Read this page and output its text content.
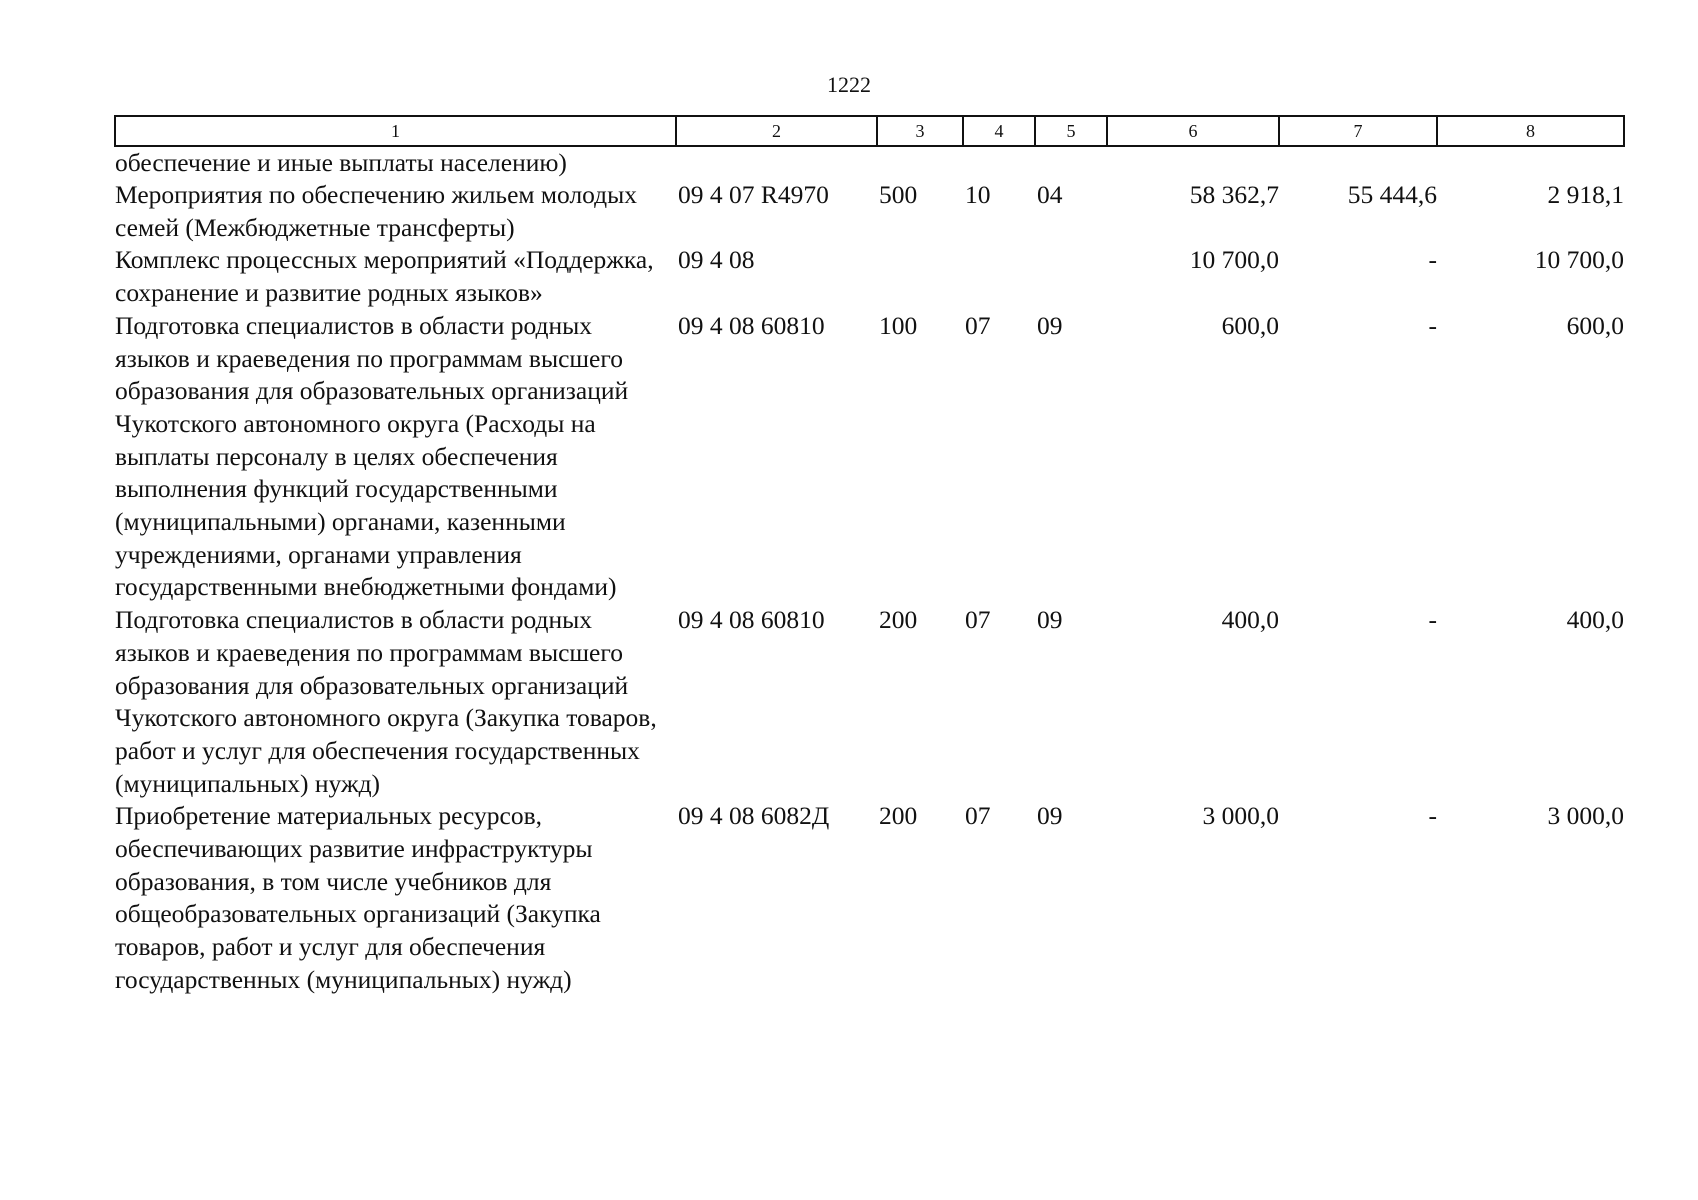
1222
1	2	3	4	5	6	7	8
обеспечение и иные выплаты населению)							
Мероприятия по обеспечению жильем молодых семей (Межбюджетные трансферты)	09 4 07 R4970	500	10	04	58 362,7	55 444,6	2 918,1
Комплекс процессных мероприятий «Поддержка, сохранение и развитие родных языков»	09 4 08				10 700,0	-	10 700,0
Подготовка специалистов в области родных языков и краеведения по программам высшего образования для образовательных организаций Чукотского автономного округа (Расходы на выплаты персоналу в целях обеспечения выполнения функций государственными (муниципальными) органами, казенными учреждениями, органами управления государственными внебюджетными фондами)	09 4 08 60810	100	07	09	600,0	-	600,0
Подготовка специалистов в области родных языков и краеведения по программам высшего образования для образовательных организаций Чукотского автономного округа (Закупка товаров, работ и услуг для обеспечения государственных (муниципальных) нужд)	09 4 08 60810	200	07	09	400,0	-	400,0
Приобретение материальных ресурсов, обеспечивающих развитие инфраструктуры образования, в том числе учебников для общеобразовательных организаций (Закупка товаров, работ и услуг для обеспечения государственных (муниципальных) нужд)	09 4 08 6082Д	200	07	09	3 000,0	-	3 000,0
